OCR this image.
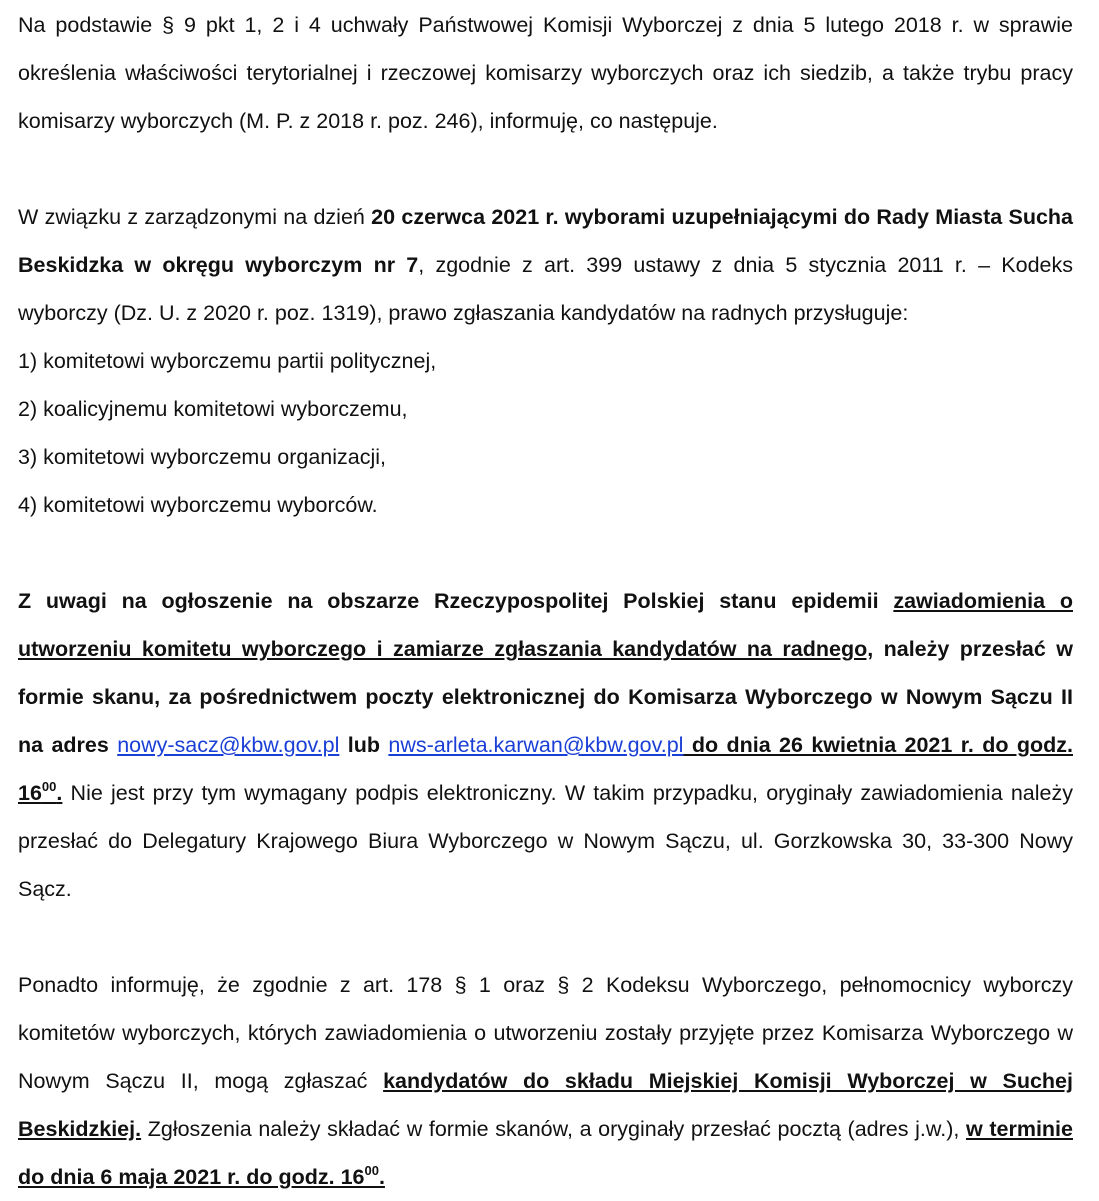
Na podstawie § 9 pkt 1, 2 i 4 uchwały Państwowej Komisji Wyborczej z dnia 5 lutego 2018 r. w sprawie określenia właściwości terytorialnej i rzeczowej komisarzy wyborczych oraz ich siedzib, a także trybu pracy komisarzy wyborczych (M. P. z 2018 r. poz. 246), informuję, co następuje.

W związku z zarządzonymi na dzień 20 czerwca 2021 r. wyborami uzupełniającymi do Rady Miasta Sucha Beskidzka w okręgu wyborczym nr 7, zgodnie z art. 399 ustawy z dnia 5 stycznia 2011 r. – Kodeks wyborczy (Dz. U. z 2020 r. poz. 1319), prawo zgłaszania kandydatów na radnych przysługuje:

1) komitetowi wyborczemu partii politycznej,

2) koalicyjnemu komitetowi wyborczemu,

3) komitetowi wyborczemu organizacji,

4) komitetowi wyborczemu wyborców.

Z uwagi na ogłoszenie na obszarze Rzeczypospolitej Polskiej stanu epidemii zawiadomienia o utworzeniu komitetu wyborczego i zamiarze zgłaszania kandydatów na radnego, należy przesłać w formie skanu, za pośrednictwem poczty elektronicznej do Komisarza Wyborczego w Nowym Sączu II na adres nowy-sacz@kbw.gov.pl lub nws-arleta.karwan@kbw.gov.pl do dnia 26 kwietnia 2021 r. do godz. $16^{00}$. Nie jest przy tym wymagany podpis elektroniczny. W takim przypadku, oryginały zawiadomienia należy przesłać do Delegatury Krajowego Biura Wyborczego w Nowym Sączu, ul. Gorzkowska 30, 33-300 Nowy Sącz.

Ponadto informuję, że zgodnie z art. 178 § 1 oraz § 2 Kodeksu Wyborczego, pełnomocnicy wyborczy komitetów wyborczych, których zawiadomienia o utworzeniu zostały przyjęte przez Komisarza Wyborczego w Nowym Sączu II, mogą zgłaszać kandydatów do składu Miejskiej Komisji Wyborczej w Suchej Beskidzkiej. Zgłoszenia należy składać w formie skanów, a oryginały przesłać pocztą (adres j.w.), w terminie do dnia 6 maja 2021 r. do godz. $16^{00}$.
